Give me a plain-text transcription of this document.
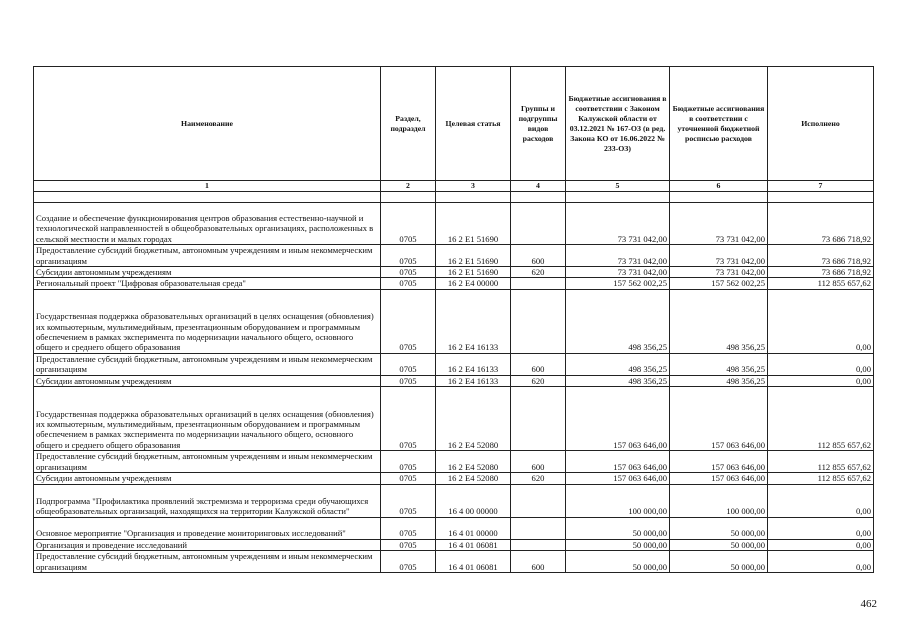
Наименование	Раздел, подраздел	Целевая статья	Группы и подгруппы видов расходов	Бюджетные ассигнования в соответствии с Законом Калужской области от 03.12.2021 № 167-ОЗ (в ред. Закона КО от 16.06.2022 № 233-ОЗ)	Бюджетные ассигнования в соответствии с уточненной бюджетной росписью расходов	Исполнено
1	2	3	4	5	6	7

Создание и обеспечение функционирования центров образования естественно-научной и технологической направленностей в общеобразовательных организациях, расположенных в сельской местности и малых городах	0705	16 2 E1 51690		73 731 042,00	73 731 042,00	73 686 718,92
Предоставление субсидий бюджетным, автономным учреждениям и иным некоммерческим организациям	0705	16 2 E1 51690	600	73 731 042,00	73 731 042,00	73 686 718,92
Субсидии автономным учреждениям	0705	16 2 E1 51690	620	73 731 042,00	73 731 042,00	73 686 718,92
Региональный проект "Цифровая образовательная среда"	0705	16 2 E4 00000		157 562 002,25	157 562 002,25	112 855 657,62
Государственная поддержка образовательных организаций в целях оснащения (обновления) их компьютерным, мультимедийным, презентационным оборудованием и программным обеспечением в рамках эксперимента по модернизации начального общего, основного общего и среднего общего образования	0705	16 2 E4 16133		498 356,25	498 356,25	0,00
Предоставление субсидий бюджетным, автономным учреждениям и иным некоммерческим организациям	0705	16 2 E4 16133	600	498 356,25	498 356,25	0,00
Субсидии автономным учреждениям	0705	16 2 E4 16133	620	498 356,25	498 356,25	0,00
Государственная поддержка образовательных организаций в целях оснащения (обновления) их компьютерным, мультимедийным, презентационным оборудованием и программным обеспечением в рамках эксперимента по модернизации начального общего, основного общего и среднего общего образования	0705	16 2 E4 52080		157 063 646,00	157 063 646,00	112 855 657,62
Предоставление субсидий бюджетным, автономным учреждениям и иным некоммерческим организациям	0705	16 2 E4 52080	600	157 063 646,00	157 063 646,00	112 855 657,62
Субсидии автономным учреждениям	0705	16 2 E4 52080	620	157 063 646,00	157 063 646,00	112 855 657,62
Подпрограмма "Профилактика проявлений экстремизма и терроризма среди обучающихся общеобразовательных организаций, находящихся на территории Калужской области"	0705	16 4 00 00000		100 000,00	100 000,00	0,00
Основное мероприятие "Организация и проведение мониторинговых исследований"	0705	16 4 01 00000		50 000,00	50 000,00	0,00
Организация и проведение исследований	0705	16 4 01 06081		50 000,00	50 000,00	0,00
Предоставление субсидий бюджетным, автономным учреждениям и иным некоммерческим организациям	0705	16 4 01 06081	600	50 000,00	50 000,00	0,00
462
